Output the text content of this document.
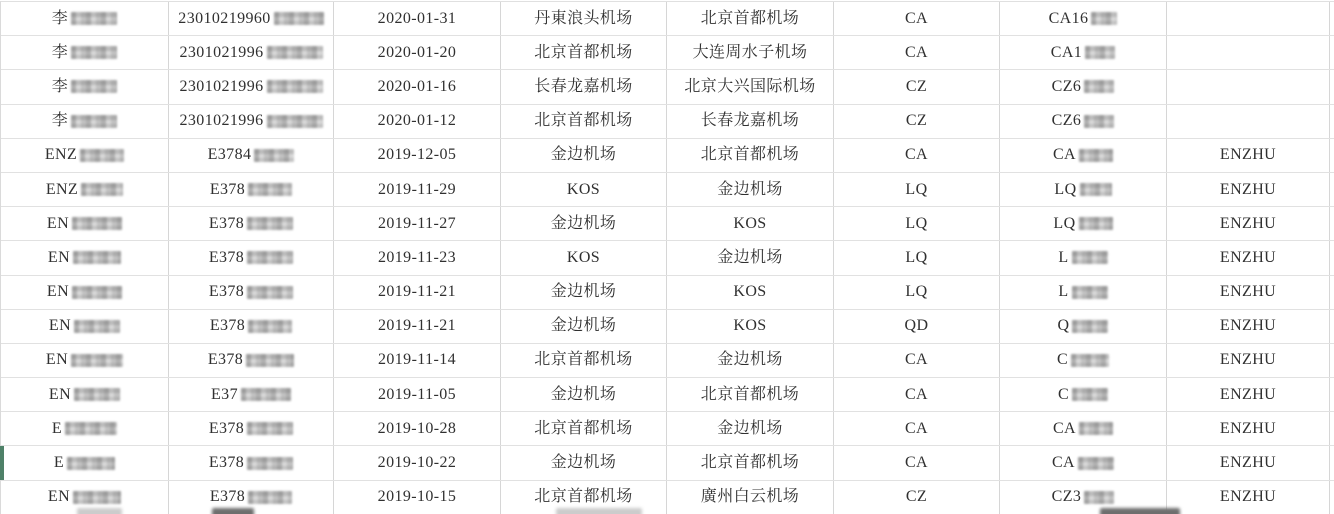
李	23010219960	2020-01-31	丹東浪头机场	北京首都机场	CA	CA16
李	2301021996	2020-01-20	北京首都机场	大连周水子机场	CA	CA1
李	2301021996	2020-01-16	长春龙嘉机场	北京大兴国际机场	CZ	CZ6
李	2301021996	2020-01-12	北京首都机场	长春龙嘉机场	CZ	CZ6
ENZ	E3784	2019-12-05	金边机场	北京首都机场	CA	CA	ENZHU
ENZ	E378	2019-11-29	KOS	金边机场	LQ	LQ	ENZHU
EN	E378	2019-11-27	金边机场	KOS	LQ	LQ	ENZHU
EN	E378	2019-11-23	KOS	金边机场	LQ	L	ENZHU
EN	E378	2019-11-21	金边机场	KOS	LQ	L	ENZHU
EN	E378	2019-11-21	金边机场	KOS	QD	Q	ENZHU
EN	E378	2019-11-14	北京首都机场	金边机场	CA	C	ENZHU
EN	E37	2019-11-05	金边机场	北京首都机场	CA	C	ENZHU
E	E378	2019-10-28	北京首都机场	金边机场	CA	CA	ENZHU
E	E378	2019-10-22	金边机场	北京首都机场	CA	CA	ENZHU
EN	E378	2019-10-15	北京首都机场	廣州白云机场	CZ	CZ3	ENZHU
